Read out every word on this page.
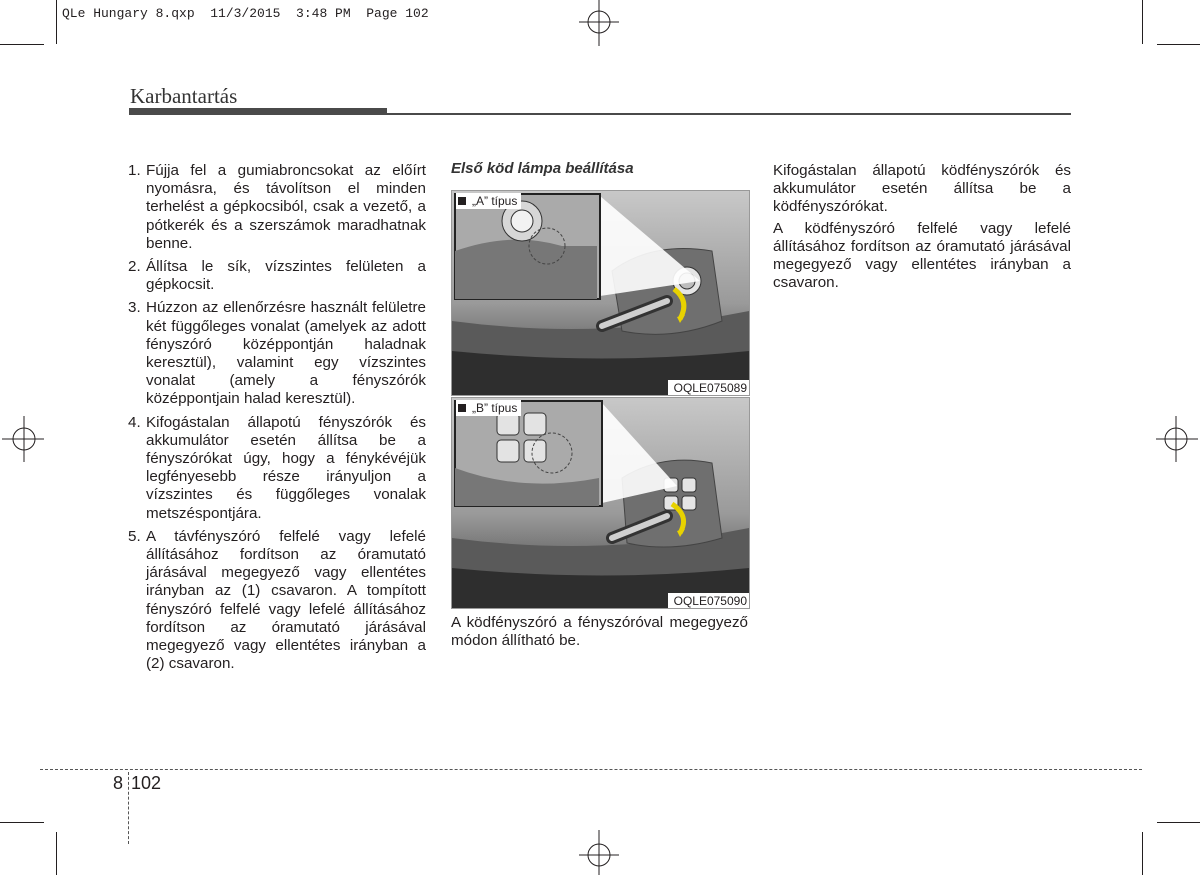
QLe Hungary 8.qxp  11/3/2015  3:48 PM  Page 102
Karbantartás
1. Fújja fel a gumiabroncsokat az előírt nyomásra, és távolítson el minden terhelést a gépkocsiból, csak a vezető, a pótkerék és a szerszámok maradhatnak benne.
2. Állítsa le sík, vízszintes felületen a gépkocsit.
3. Húzzon az ellenőrzésre használt felületre két függőleges vonalat (amelyek az adott fényszóró középpontján haladnak keresztül), valamint egy vízszintes vonalat (amely a fényszórók középpontjain halad keresztül).
4. Kifogástalan állapotú fényszórók és akkumulátor esetén állítsa be a fényszórókat úgy, hogy a fénykévéjük legfényesebb része irányuljon a vízszintes és függőleges vonalak metszéspontjára.
5. A távfényszóró felfelé vagy lefelé állításához fordítson az óramutató járásával megegyező vagy ellentétes irányban az (1) csavaron. A tompított fényszóró felfelé vagy lefelé állításához fordítson az óramutató járásával megegyező vagy ellentétes irányban a (2) csavaron.
Első köd lámpa beállítása
„A” típus
OQLE075089
„B” típus
OQLE075090
A ködfényszóró a fényszóróval megegyező módon állítható be.

Kifogástalan állapotú ködfényszórók és akkumulátor esetén állítsa be a ködfényszórókat.

A ködfényszóró felfelé vagy lefelé állításához fordítson az óramutató járásával megegyező vagy ellentétes irányban a csavaron.

8 102
